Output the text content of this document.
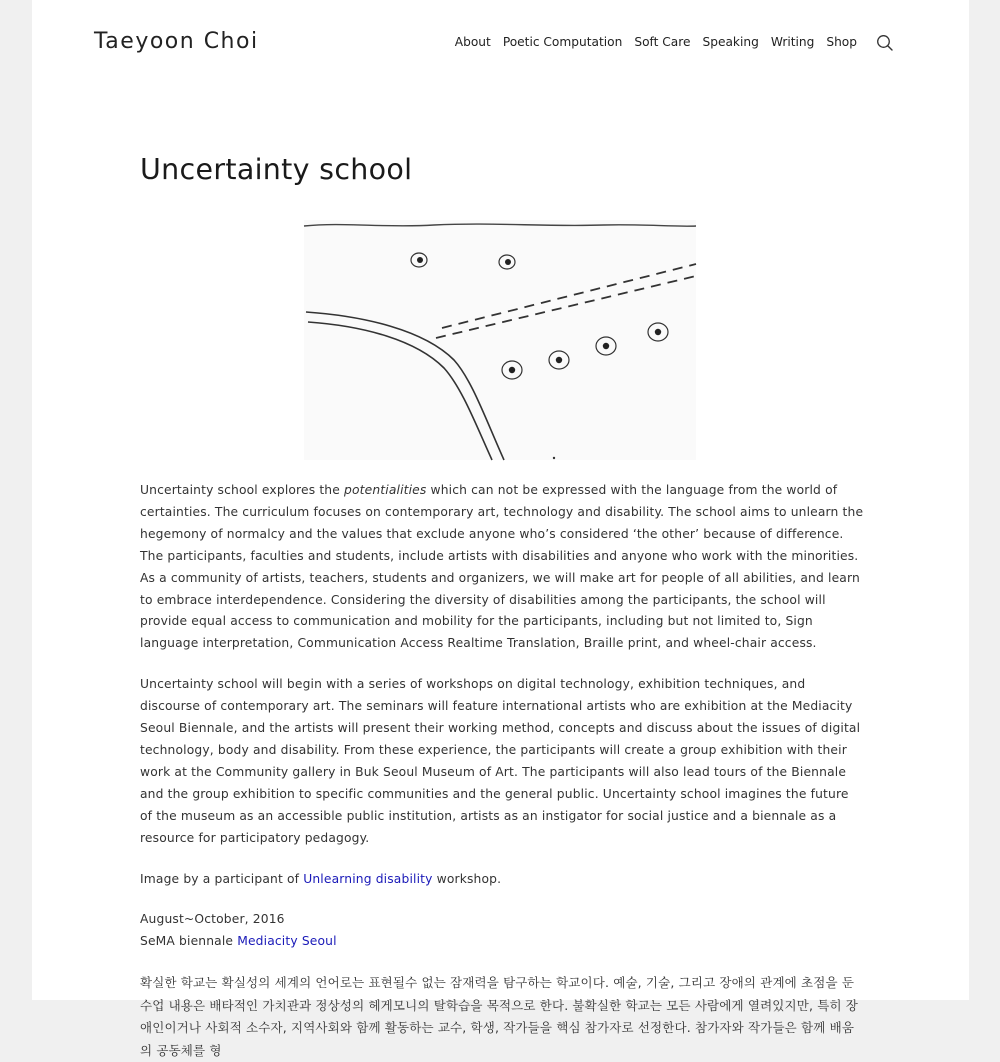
Taeyoon Choi	About Poetic Computation Soft Care Speaking Writing Shop
Uncertainty school

Uncertainty school explores the potentialities which can not be expressed with the language from the world of certainties. The curriculum focuses on contemporary art, technology and disability. The school aims to unlearn the hegemony of normalcy and the values that exclude anyone who’s considered ‘the other’ because of difference. The participants, faculties and students, include artists with disabilities and anyone who work with the minorities. As a community of artists, teachers, students and organizers, we will make art for people of all abilities, and learn to embrace interdependence. Considering the diversity of disabilities among the participants, the school will provide equal access to communication and mobility for the participants, including but not limited to, Sign language interpretation, Communication Access Realtime Translation, Braille print, and wheel-chair access.

Uncertainty school will begin with a series of workshops on digital technology, exhibition techniques, and discourse of contemporary art. The seminars will feature international artists who are exhibition at the Mediacity Seoul Biennale, and the artists will present their working method, concepts and discuss about the issues of digital technology, body and disability. From these experience, the participants will create a group exhibition with their work at the Community gallery in Buk Seoul Museum of Art. The participants will also lead tours of the Biennale and the group exhibition to specific communities and the general public. Uncertainty school imagines the future of the museum as an accessible public institution, artists as an instigator for social justice and a biennale as a resource for participatory pedagogy.

Image by a participant of Unlearning disability workshop.

August~October, 2016
SeMA biennale Mediacity Seoul

확실한 학교는 확실성의 세계의 언어로는 표현될수 없는 잠재력을 탐구하는 학교이다. 예술, 기술, 그리고 장애의 관계에 초점을 둔 수업 내용은 배타적인 가치관과 정상성의 헤게모니의 탈학습을 목적으로 한다. 불확실한 학교는 모든 사람에게 열려있지만, 특히 장애인이거나 사회적 소수자, 지역사회와 함께 활동하는 교수, 학생, 작가들을 핵심 참가자로 선정한다. 참가자와 작가들은 함께 배움의 공동체를 형
